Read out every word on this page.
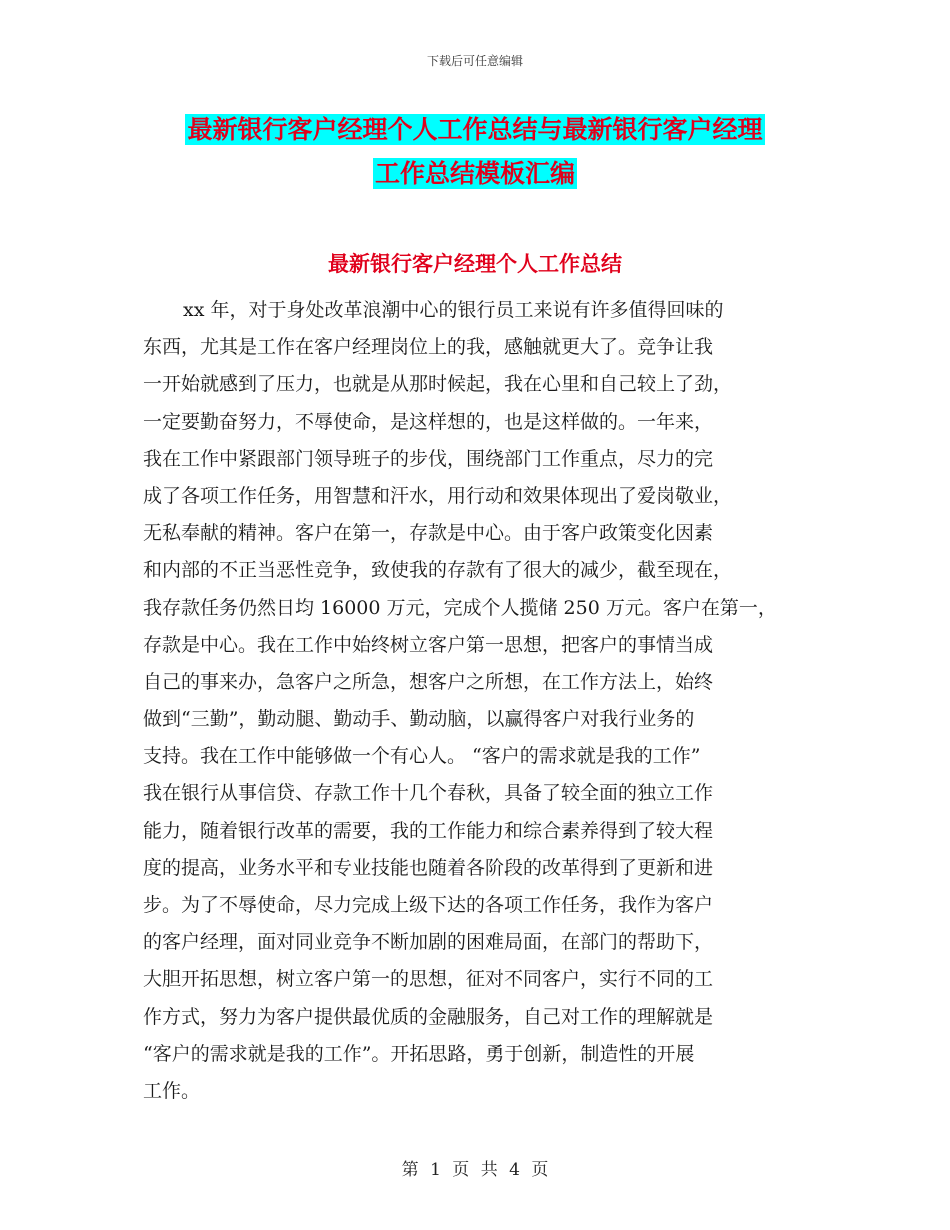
下载后可任意编辑
最新银行客户经理个人工作总结与最新银行客户经理
工作总结模板汇编
最新银行客户经理个人工作总结
xx 年，对于身处改革浪潮中心的银行员工来说有许多值得回味的
东西，尤其是工作在客户经理岗位上的我，感触就更大了。竞争让我
一开始就感到了压力，也就是从那时候起，我在心里和自己较上了劲，
一定要勤奋努力，不辱使命，是这样想的，也是这样做的。一年来，
我在工作中紧跟部门领导班子的步伐，围绕部门工作重点，尽力的完
成了各项工作任务，用智慧和汗水，用行动和效果体现出了爱岗敬业，
无私奉献的精神。客户在第一，存款是中心。由于客户政策变化因素
和内部的不正当恶性竞争，致使我的存款有了很大的减少，截至现在，
我存款任务仍然日均 16000 万元，完成个人揽储 250 万元。客户在第一，
存款是中心。我在工作中始终树立客户第一思想，把客户的事情当成
自己的事来办，急客户之所急，想客户之所想，在工作方法上，始终
做到“三勤”，勤动腿、勤动手、勤动脑，以赢得客户对我行业务的
支持。我在工作中能够做一个有心人。 “客户的需求就是我的工作”
我在银行从事信贷、存款工作十几个春秋，具备了较全面的独立工作
能力，随着银行改革的需要，我的工作能力和综合素养得到了较大程
度的提高，业务水平和专业技能也随着各阶段的改革得到了更新和进
步。为了不辱使命，尽力完成上级下达的各项工作任务，我作为客户
的客户经理，面对同业竞争不断加剧的困难局面，在部门的帮助下，
大胆开拓思想，树立客户第一的思想，征对不同客户，实行不同的工
作方式，努力为客户提供最优质的金融服务，自己对工作的理解就是
“客户的需求就是我的工作”。开拓思路，勇于创新，制造性的开展
工作。
第 1 页 共 4 页
